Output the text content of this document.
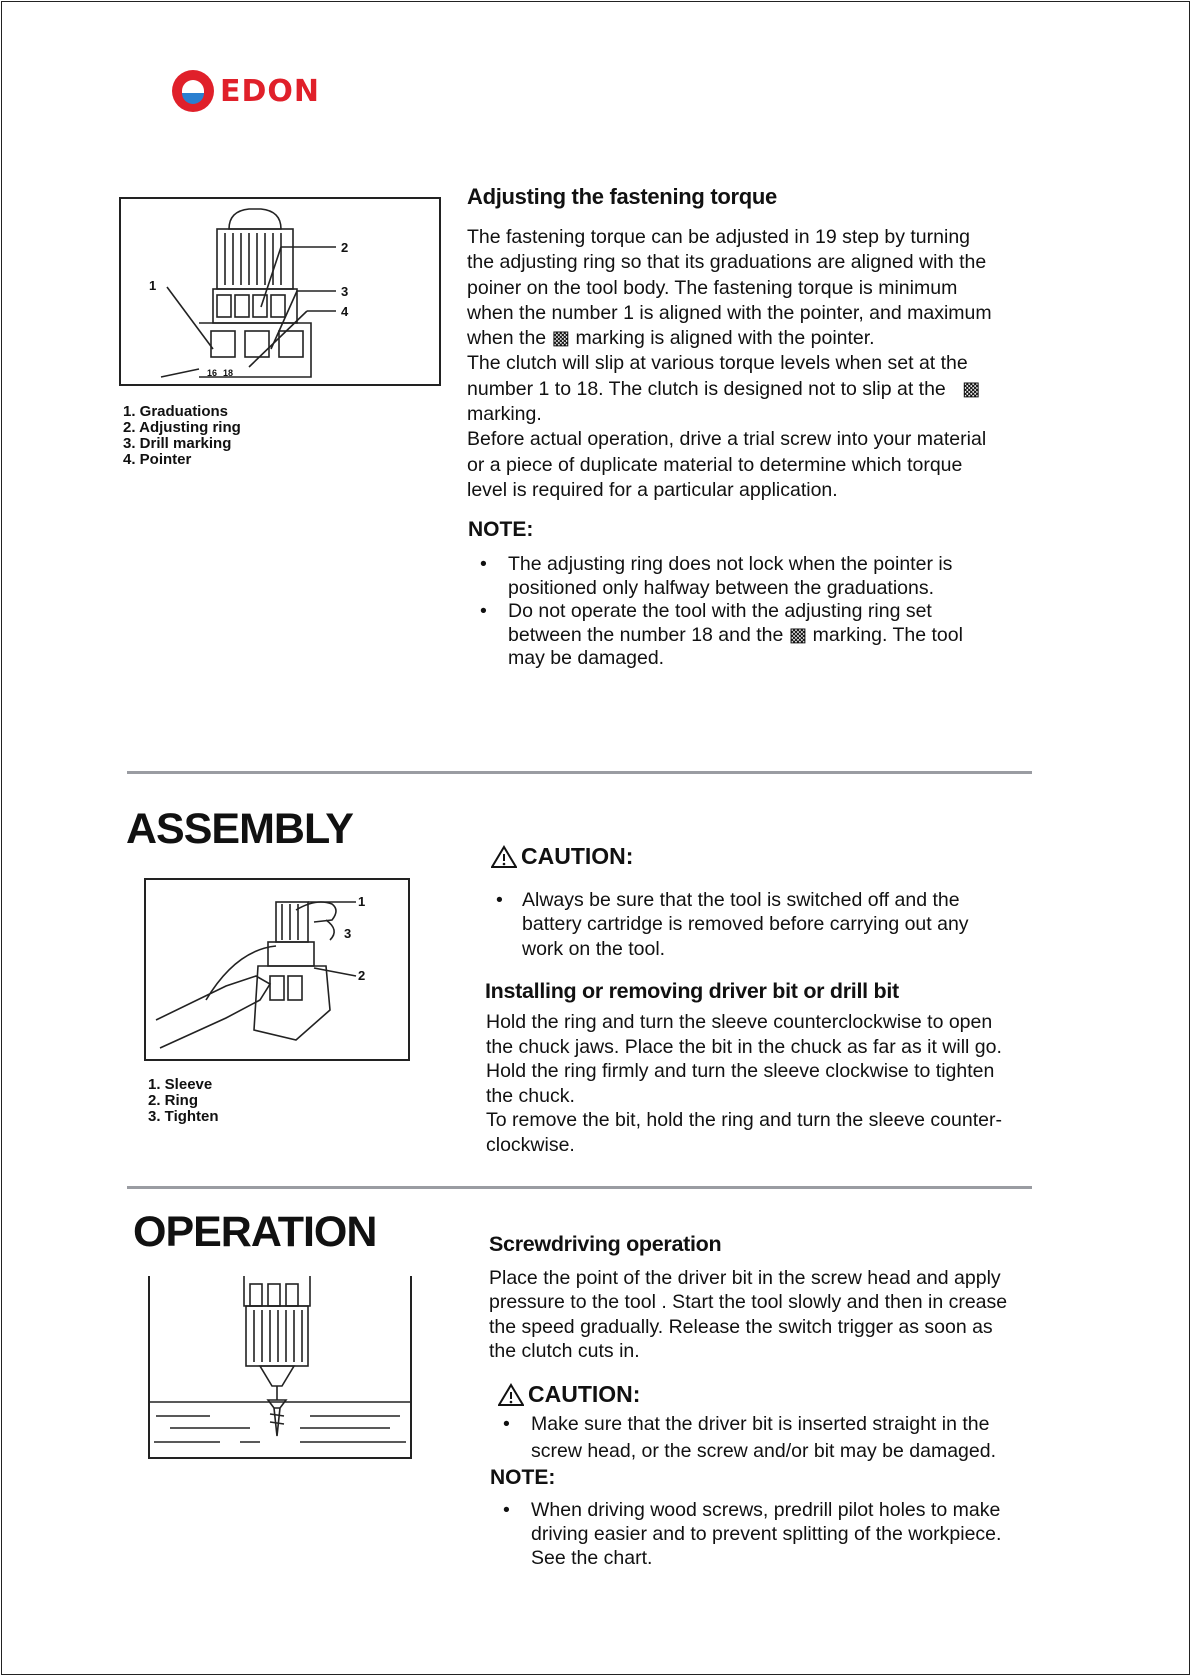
EDON
2
1	3
4
16 18
1. Graduations
2. Adjusting ring
3. Drill marking
4. Pointer
Adjusting the fastening torque

The fastening torque can be adjusted in 19 step by turning

the adjusting ring so that its graduations are aligned with the

poiner on the tool body. The fastening torque is minimum

when the number 1 is aligned with the pointer, and maximum

when the ▩ marking is aligned with the pointer.

The clutch will slip at various torque levels when set at the

number 1 to 18. The clutch is designed not to slip at the ▩

marking.

Before actual operation, drive a trial screw into your material

or a piece of duplicate material to determine which torque

level is required for a particular application.

NOTE:
• The adjusting ring does not lock when the pointer is
positioned only halfway between the graduations.
• Do not operate the tool with the adjusting ring set
between the number 18 and the ▩ marking. The tool
may be damaged.
ASSEMBLY
CAUTION:
• Always be sure that the tool is switched off and the
battery cartridge is removed before carrying out any
work on the tool.
Installing or removing driver bit or drill bit

Hold the ring and turn the sleeve counterclockwise to open

the chuck jaws. Place the bit in the chuck as far as it will go.

Hold the ring firmly and turn the sleeve clockwise to tighten

the chuck.

To remove the bit, hold the ring and turn the sleeve counter-

clockwise.

1
2
3
1. Sleeve
2. Ring
3. Tighten
OPERATION	Screwdriving operation

Place the point of the driver bit in the screw head and apply

pressure to the tool . Start the tool slowly and then in crease

the speed gradually. Release the switch trigger as soon as

the clutch cuts in.

CAUTION:
• Make sure that the driver bit is inserted straight in the
screw head, or the screw and/or bit may be damaged.
NOTE:
• When driving wood screws, predrill pilot holes to make
driving easier and to prevent splitting of the workpiece.
See the chart.
